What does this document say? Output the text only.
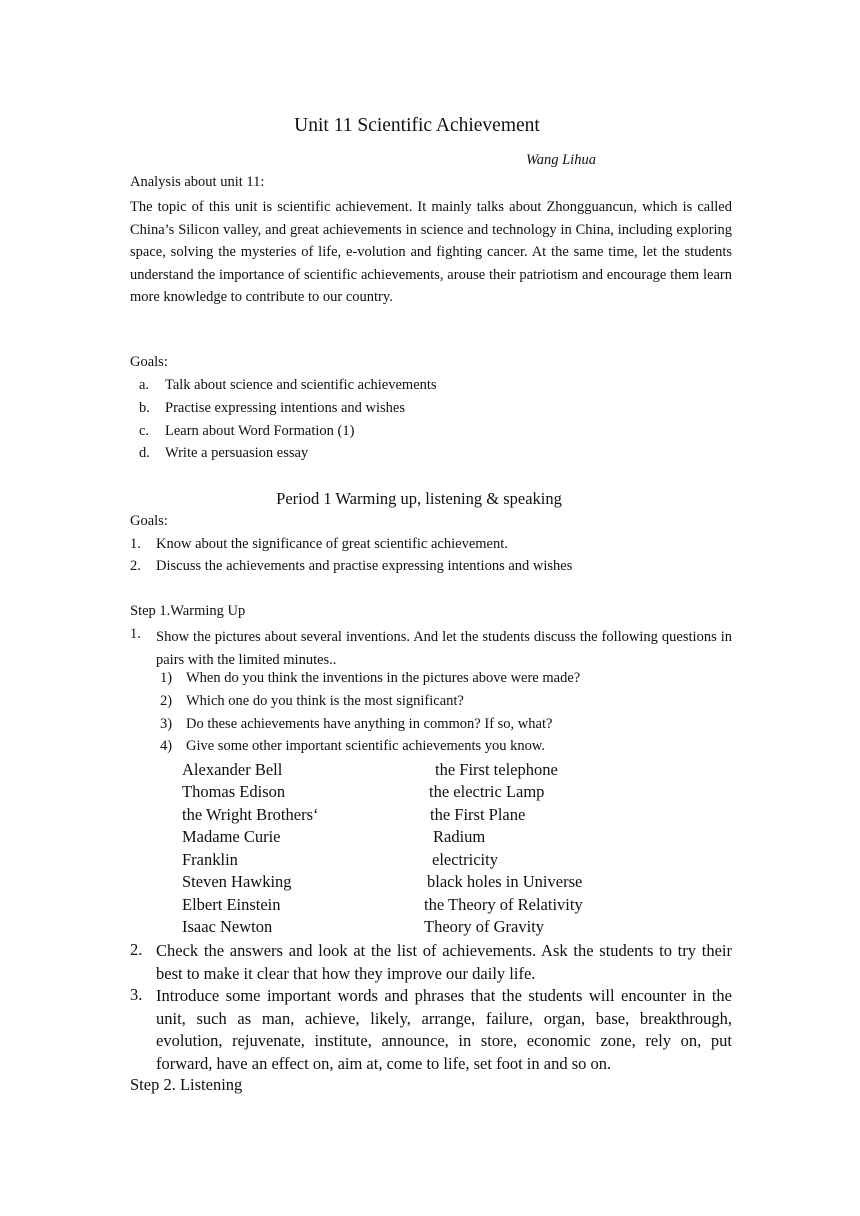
Unit 11 Scientific Achievement
Wang Lihua
Analysis about unit 11:

The topic of this unit is scientific achievement. It mainly talks about Zhongguancun, which is called China’s Silicon valley, and great achievements in science and technology in China, including exploring space, solving the mysteries of life, e-volution and fighting cancer. At the same time, let the students understand the importance of scientific achievements, arouse their patriotism and encourage them learn more knowledge to contribute to our country.

Goals:
a. Talk about science and scientific achievements
b. Practise expressing intentions and wishes
c. Learn about Word Formation (1)
d. Write a persuasion essay
Period 1 Warming up, listening & speaking
Goals:
1. Know about the significance of great scientific achievement.
2. Discuss the achievements and practise expressing intentions and wishes
Step 1.Warming Up
1. Show the pictures about several inventions. And let the students discuss the following questions in pairs with the limited minutes..

1) When do you think the inventions in the pictures above were made?
2) Which one do you think is the most significant?
3) Do these achievements have anything in common? If so, what?
4) Give some other important scientific achievements you know.
Alexander Bell	the First telephone
Thomas Edison	the electric Lamp
the Wright Brothers‘	the First Plane
Madame Curie	Radium
Franklin	electricity
Steven Hawking	black holes in Universe
Elbert Einstein	the Theory of Relativity
Isaac Newton	Theory of Gravity
2. Check the answers and look at the list of achievements. Ask the students to try their best to make it clear that how they improve our daily life.

3. Introduce some important words and phrases that the students will encounter in the unit, such as man, achieve, likely, arrange, failure, organ, base, breakthrough, evolution, rejuvenate, institute, announce, in store, economic zone, rely on, put forward, have an effect on, aim at, come to life, set foot in and so on.

Step 2. Listening
